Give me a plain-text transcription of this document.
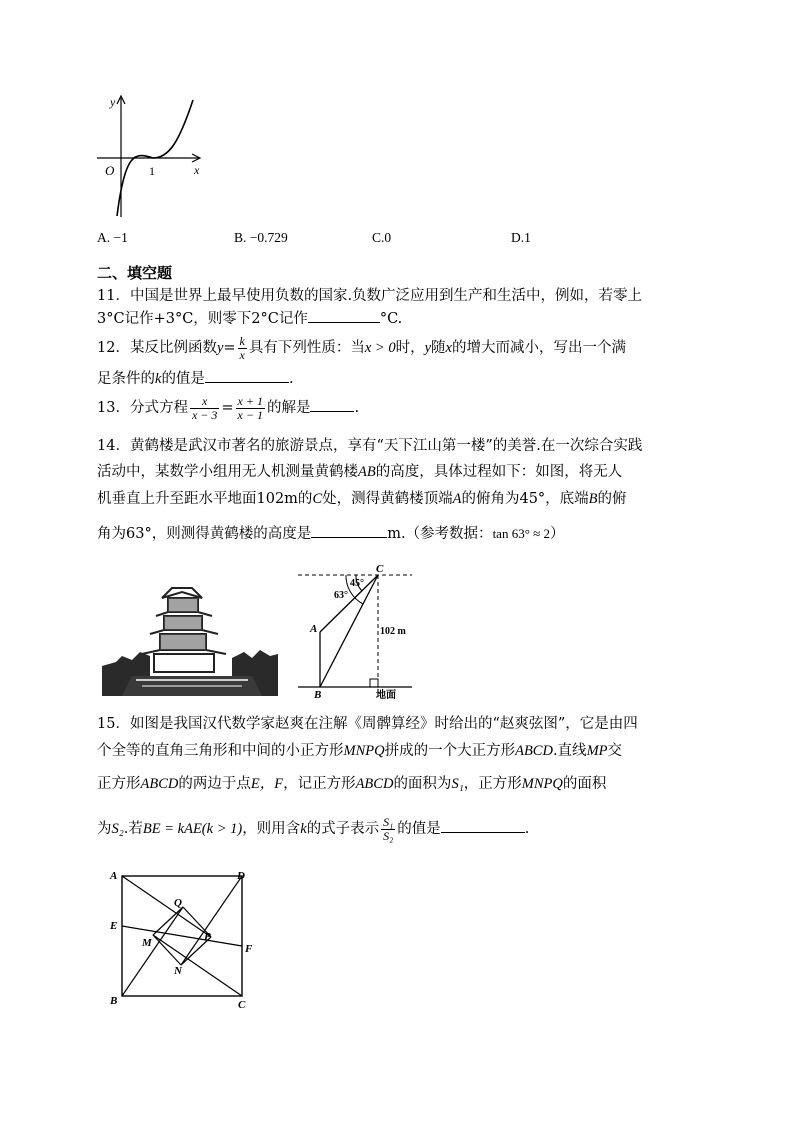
y
x
O	1
A. −1	B. −0.729	C.0	D.1
二、填空题
11．中国是世界上最早使用负数的国家.负数广泛应用到生产和生活中，例如，若零上
3°C记作+3°C，则零下2°C记作	°C.
12．某反比例函数$y= \frac{k}{x}$ 具有下列性质：当x > 0时，y随x的增大而减小，写出一个满
足条件的k的值是	.
13．分式方程 $\frac{x}{x - 3} = \frac{x + 1}{x - 1}$ 的解是	.
14．黄鹤楼是武汉市著名的旅游景点，享有“天下江山第一楼”的美誉.在一次综合实践
活动中，某数学小组用无人机测量黄鹤楼AB的高度，具体过程如下：如图，将无人
机垂直上升至距水平地面102m的C处，测得黄鹤楼顶端A的俯角为45°，底端B的俯
角为63°，则测得黄鹤楼的高度是	m.（参考数据：tan 63° ≈ 2）
C
A
B
45°
63°
102 m
地面
15．如图是我国汉代数学家赵爽在注解《周髀算经》时给出的“赵爽弦图”，它是由四
个全等的直角三角形和中间的小正方形MNPQ拼成的一个大正方形ABCD.直线MP交
正方形ABCD的两边于点E，F，记正方形ABCD的面积为S₁，正方形MNPQ的面积
为S₂.若BE = kAE(k > 1)，则用含k的式子表示 $\frac{\text{S₁}}{\text{S₂}}$ 的值是	.
A
B	C
D
E
F
M
N
P
Q
